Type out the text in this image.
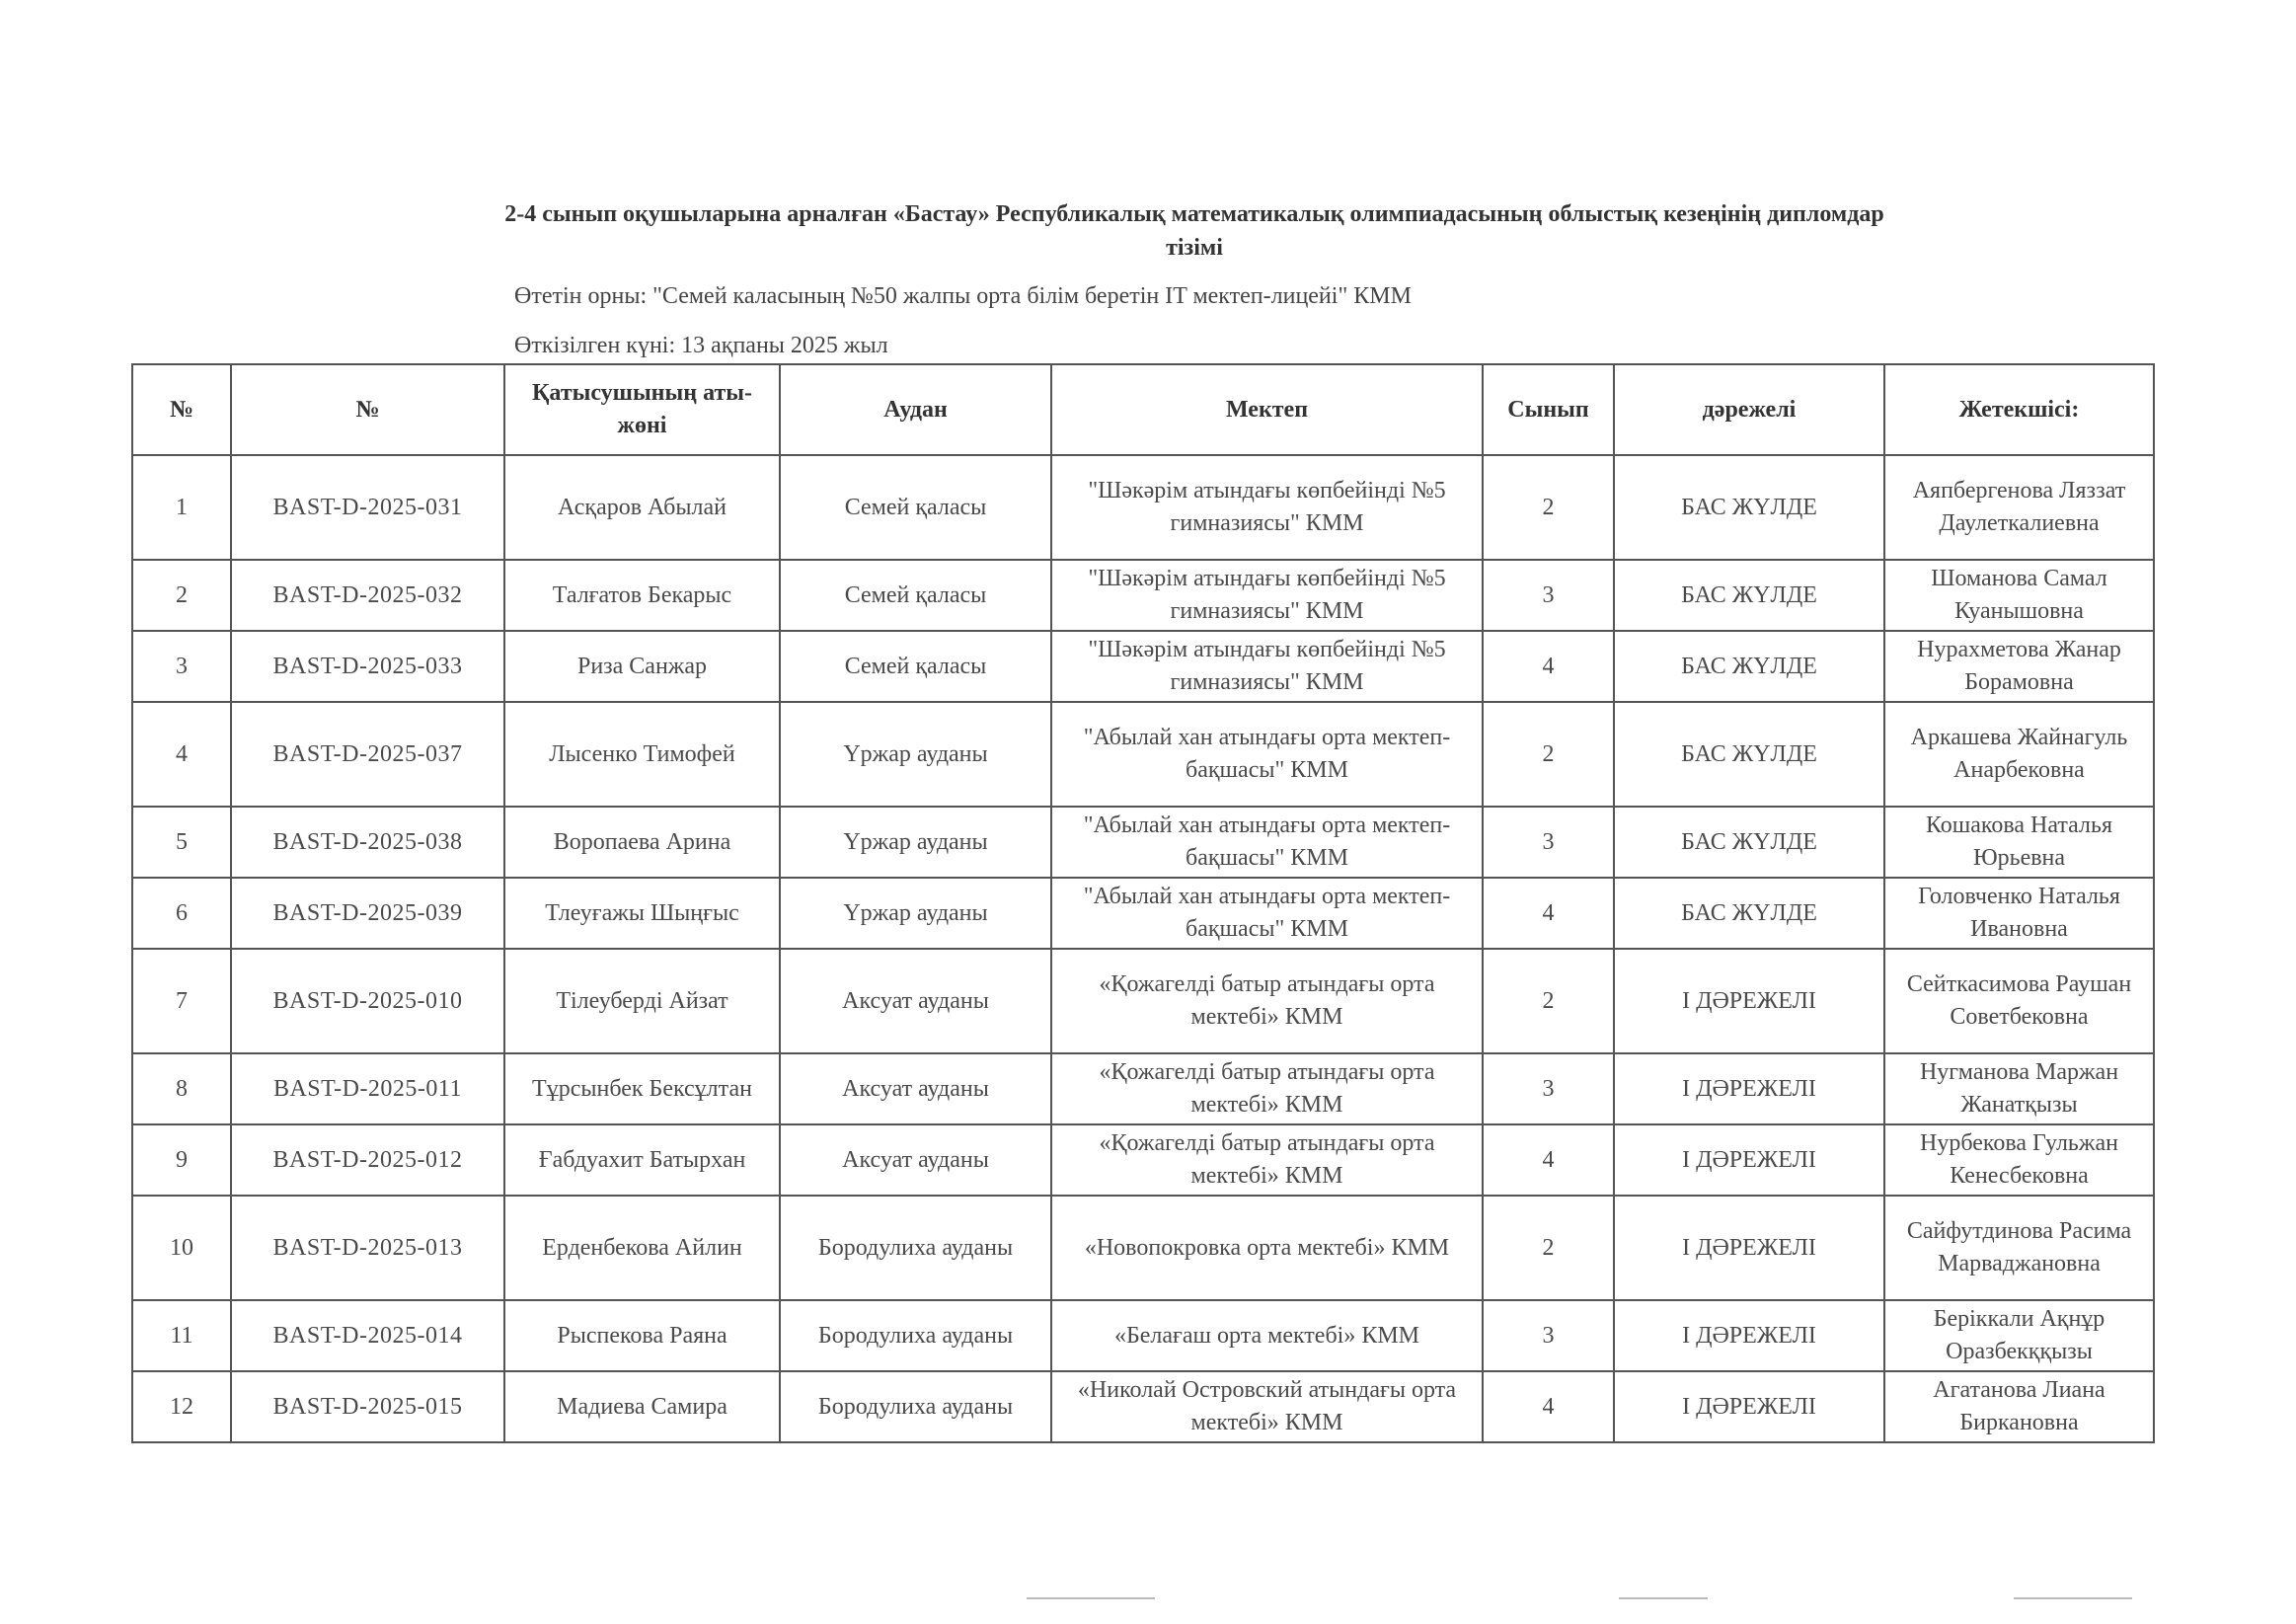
2-4 сынып оқушыларына арналған «Бастау» Республикалық математикалық олимпиадасының облыстық кезеңінің дипломдар тізімі
Өтетін орны: "Семей каласының №50 жалпы орта білім беретін IT мектеп-лицейі" КММ
Өткізілген күні: 13 ақпаны 2025 жыл
№	№	Қатысушының аты-жөні	Аудан	Мектеп	Сынып	дәрежелі	Жетекшісі:
1	BAST-D-2025-031	Асқаров Абылай	Семей қаласы	"Шәкәрім атындағы көпбейінді №5 гимназиясы" КММ	2	БАС ЖҮЛДЕ	Аяпбергенова Ляззат Даулеткалиевна
2	BAST-D-2025-032	Талғатов Бекарыс	Семей қаласы	"Шәкәрім атындағы көпбейінді №5 гимназиясы" КММ	3	БАС ЖҮЛДЕ	Шоманова Самал Куанышовна
3	BAST-D-2025-033	Риза Санжар	Семей қаласы	"Шәкәрім атындағы көпбейінді №5 гимназиясы" КММ	4	БАС ЖҮЛДЕ	Нурахметова Жанар Борамовна
4	BAST-D-2025-037	Лысенко Тимофей	Үржар ауданы	"Абылай хан атындағы орта мектеп-бақшасы" КММ	2	БАС ЖҮЛДЕ	Аркашева Жайнагуль Анарбековна
5	BAST-D-2025-038	Воропаева Арина	Үржар ауданы	"Абылай хан атындағы орта мектеп-бақшасы" КММ	3	БАС ЖҮЛДЕ	Кошакова Наталья Юрьевна
6	BAST-D-2025-039	Тлеуғажы Шыңғыс	Үржар ауданы	"Абылай хан атындағы орта мектеп-бақшасы" КММ	4	БАС ЖҮЛДЕ	Головченко Наталья Ивановна
7	BAST-D-2025-010	Тілеуберді Айзат	Аксуат ауданы	«Қожагелді батыр атындағы орта мектебі» КММ	2	I ДӘРЕЖЕЛІ	Сейткасимова Раушан Советбековна
8	BAST-D-2025-011	Тұрсынбек Бексұлтан	Аксуат ауданы	«Қожагелді батыр атындағы орта мектебі» КММ	3	I ДӘРЕЖЕЛІ	Нугманова Маржан Жанатқызы
9	BAST-D-2025-012	Ғабдуахит Батырхан	Аксуат ауданы	«Қожагелді батыр атындағы орта мектебі» КММ	4	I ДӘРЕЖЕЛІ	Нурбекова Гульжан Кенесбековна
10	BAST-D-2025-013	Ерденбекова Айлин	Бородулиха ауданы	«Новопокровка орта мектебі» КММ	2	I ДӘРЕЖЕЛІ	Сайфутдинова Расима Марваджановна
11	BAST-D-2025-014	Рыспекова Раяна	Бородулиха ауданы	«Белағаш орта мектебі» КММ	3	I ДӘРЕЖЕЛІ	Беріккали Ақнұр Оразбекққызы
12	BAST-D-2025-015	Мадиева Самира	Бородулиха ауданы	«Николай Островский атындағы орта мектебі» КММ	4	I ДӘРЕЖЕЛІ	Агатанова Лиана Биркановна
